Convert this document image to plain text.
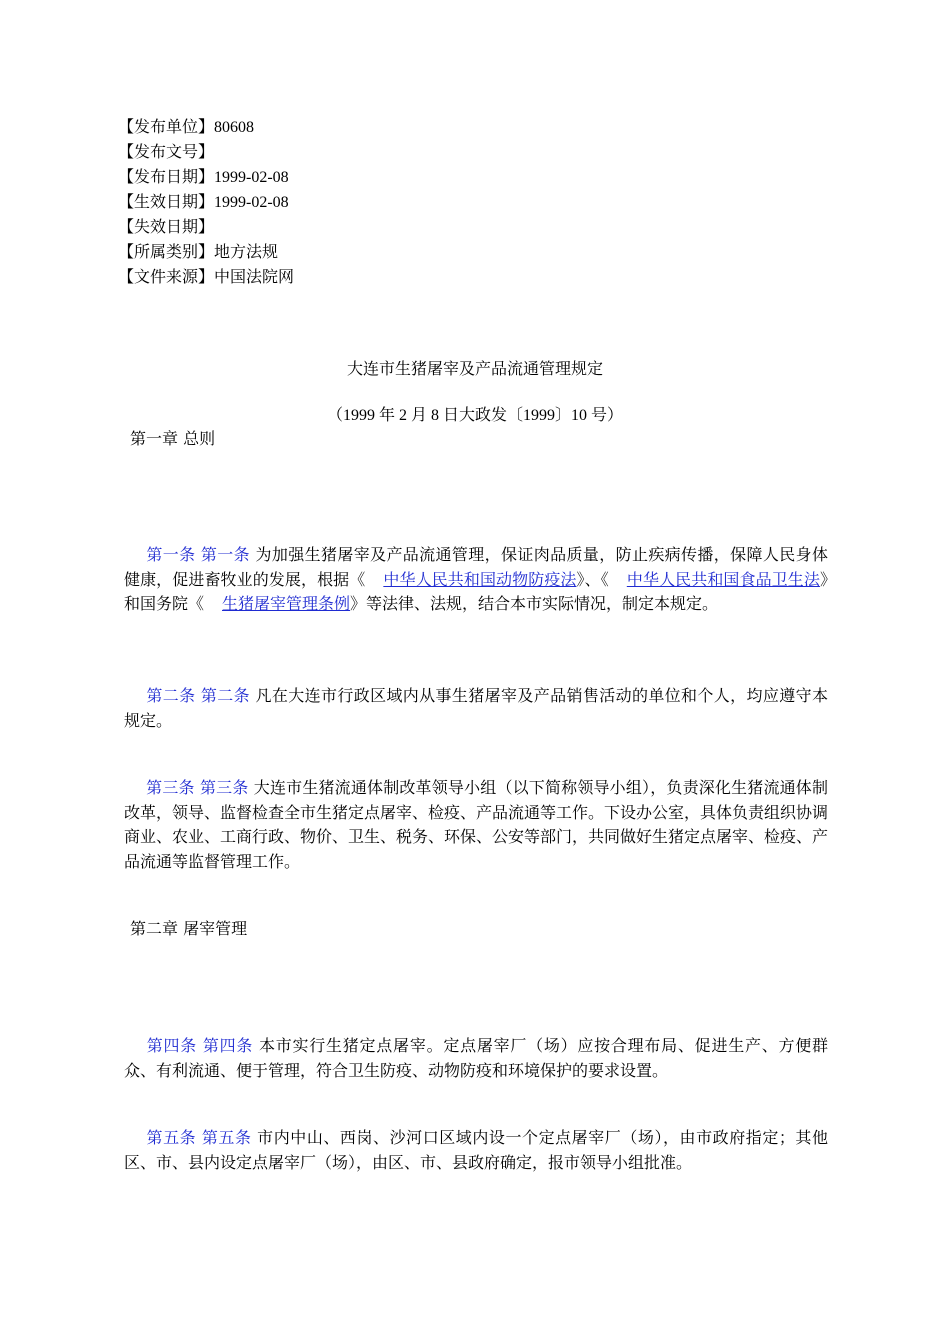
【发布单位】80608
【发布文号】
【发布日期】1999-02-08
【生效日期】1999-02-08
【失效日期】
【所属类别】地方法规
【文件来源】中国法院网
大连市生猪屠宰及产品流通管理规定
（1999 年 2 月 8 日大政发〔1999〕10 号）
第一章 总则
第一条 第一条 为加强生猪屠宰及产品流通管理，保证肉品质量，防止疾病传播，保障人民身体健康，促进畜牧业的发展，根据《 中华人民共和国动物防疫法》、《 中华人民共和国食品卫生法》和国务院《 生猪屠宰管理条例》等法律、法规，结合本市实际情况，制定本规定。
第二条 第二条 凡在大连市行政区域内从事生猪屠宰及产品销售活动的单位和个人，均应遵守本规定。
第三条 第三条 大连市生猪流通体制改革领导小组（以下简称领导小组），负责深化生猪流通体制改革，领导、监督检查全市生猪定点屠宰、检疫、产品流通等工作。下设办公室，具体负责组织协调商业、农业、工商行政、物价、卫生、税务、环保、公安等部门，共同做好生猪定点屠宰、检疫、产品流通等监督管理工作。
第二章 屠宰管理
第四条 第四条 本市实行生猪定点屠宰。定点屠宰厂（场）应按合理布局、促进生产、方便群众、有利流通、便于管理，符合卫生防疫、动物防疫和环境保护的要求设置。
第五条 第五条 市内中山、西岗、沙河口区域内设一个定点屠宰厂（场），由市政府指定；其他区、市、县内设定点屠宰厂（场），由区、市、县政府确定，报市领导小组批准。
